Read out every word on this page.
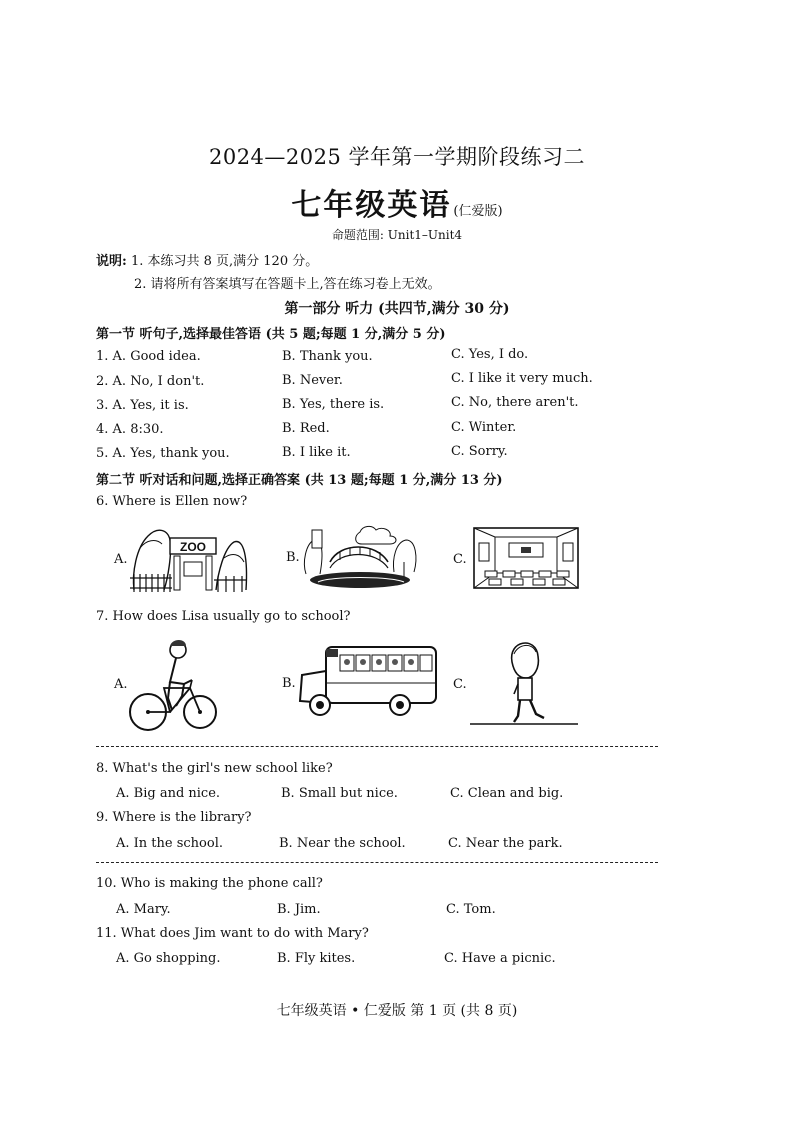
2024—2025 学年第一学期阶段练习二
七年级英语 (仁爱版)
命题范围: Unit1–Unit4
说明: 1. 本练习共 8 页,满分 120 分。
2. 请将所有答案填写在答题卡上,答在练习卷上无效。
第一部分 听力 (共四节,满分 30 分)
第一节 听句子,选择最佳答语 (共 5 题;每题 1 分,满分 5 分)
1. A. Good idea.	B. Thank you.	C. Yes, I do.
2. A. No, I don't.	B. Never.	C. I like it very much.
3. A. Yes, it is.	B. Yes, there is.	C. No, there aren't.
4. A. 8:30.	B. Red.	C. Winter.
5. A. Yes, thank you.	B. I like it.	C. Sorry.
第二节 听对话和问题,选择正确答案 (共 13 题;每题 1 分,满分 13 分)
6. Where is Ellen now?
A.	B.	C.
ZOO
7. How does Lisa usually go to school?
A.	B.	C.
8. What's the girl's new school like?
A. Big and nice.	B. Small but nice.	C. Clean and big.
9. Where is the library?
A. In the school.	B. Near the school.	C. Near the park.
10. Who is making the phone call?
A. Mary.	B. Jim.	C. Tom.
11. What does Jim want to do with Mary?
A. Go shopping.	B. Fly kites.	C. Have a picnic.
七年级英语 • 仁爱版 第 1 页 (共 8 页)
